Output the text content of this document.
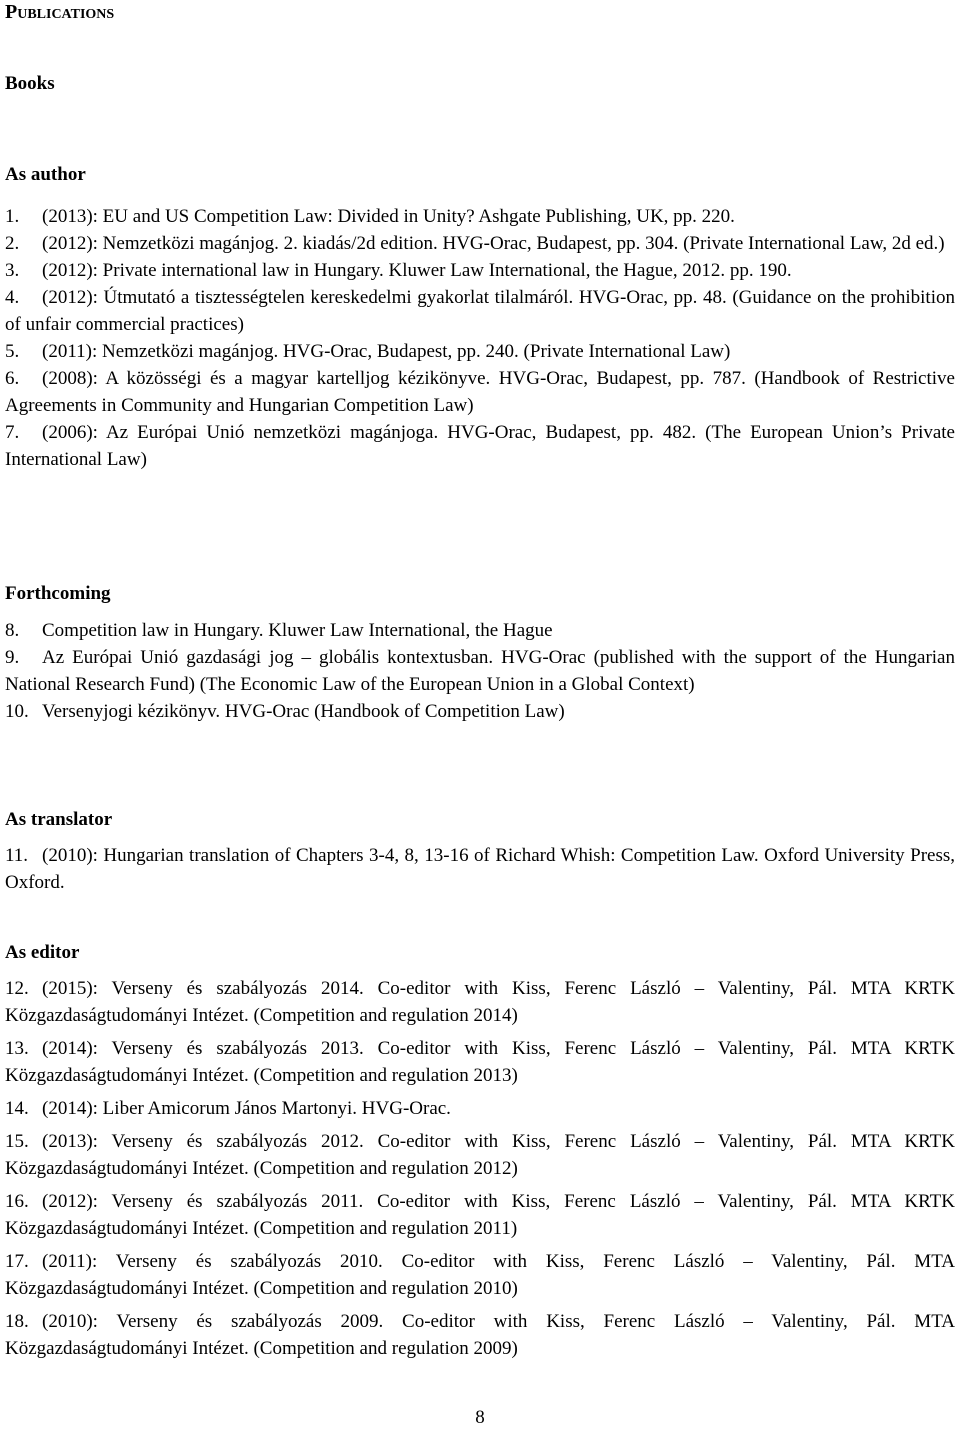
Publications
Books
As author
1. (2013): EU and US Competition Law: Divided in Unity? Ashgate Publishing, UK, pp. 220.
2. (2012): Nemzetközi magánjog. 2. kiadás/2d edition. HVG-Orac, Budapest, pp. 304. (Private International Law, 2d ed.)
3. (2012): Private international law in Hungary. Kluwer Law International, the Hague, 2012. pp. 190.
4. (2012): Útmutató a tisztességtelen kereskedelmi gyakorlat tilalmáról. HVG-Orac, pp. 48. (Guidance on the prohibition of unfair commercial practices)
5. (2011): Nemzetközi magánjog. HVG-Orac, Budapest, pp. 240. (Private International Law)
6. (2008): A közösségi és a magyar kartelljog kézikönyve. HVG-Orac, Budapest, pp. 787. (Handbook of Restrictive Agreements in Community and Hungarian Competition Law)
7. (2006): Az Európai Unió nemzetközi magánjoga. HVG-Orac, Budapest, pp. 482. (The European Union’s Private International Law)
Forthcoming
8. Competition law in Hungary. Kluwer Law International, the Hague
9. Az Európai Unió gazdasági jog – globális kontextusban. HVG-Orac (published with the support of the Hungarian National Research Fund) (The Economic Law of the European Union in a Global Context)
10. Versenyjogi kézikönyv. HVG-Orac (Handbook of Competition Law)
As translator
11. (2010): Hungarian translation of Chapters 3-4, 8, 13-16 of Richard Whish: Competition Law. Oxford University Press, Oxford.
As editor
12. (2015): Verseny és szabályozás 2014. Co-editor with Kiss, Ferenc László – Valentiny, Pál. MTA KRTK Közgazdaságtudományi Intézet. (Competition and regulation 2014)
13. (2014): Verseny és szabályozás 2013. Co-editor with Kiss, Ferenc László – Valentiny, Pál. MTA KRTK Közgazdaságtudományi Intézet. (Competition and regulation 2013)
14. (2014): Liber Amicorum János Martonyi. HVG-Orac.
15. (2013): Verseny és szabályozás 2012. Co-editor with Kiss, Ferenc László – Valentiny, Pál. MTA KRTK Közgazdaságtudományi Intézet. (Competition and regulation 2012)
16. (2012): Verseny és szabályozás 2011. Co-editor with Kiss, Ferenc László – Valentiny, Pál. MTA KRTK Közgazdaságtudományi Intézet. (Competition and regulation 2011)
17. (2011): Verseny és szabályozás 2010. Co-editor with Kiss, Ferenc László – Valentiny, Pál. MTA Közgazdaságtudományi Intézet. (Competition and regulation 2010)
18. (2010): Verseny és szabályozás 2009. Co-editor with Kiss, Ferenc László – Valentiny, Pál. MTA Közgazdaságtudományi Intézet. (Competition and regulation 2009)
8
